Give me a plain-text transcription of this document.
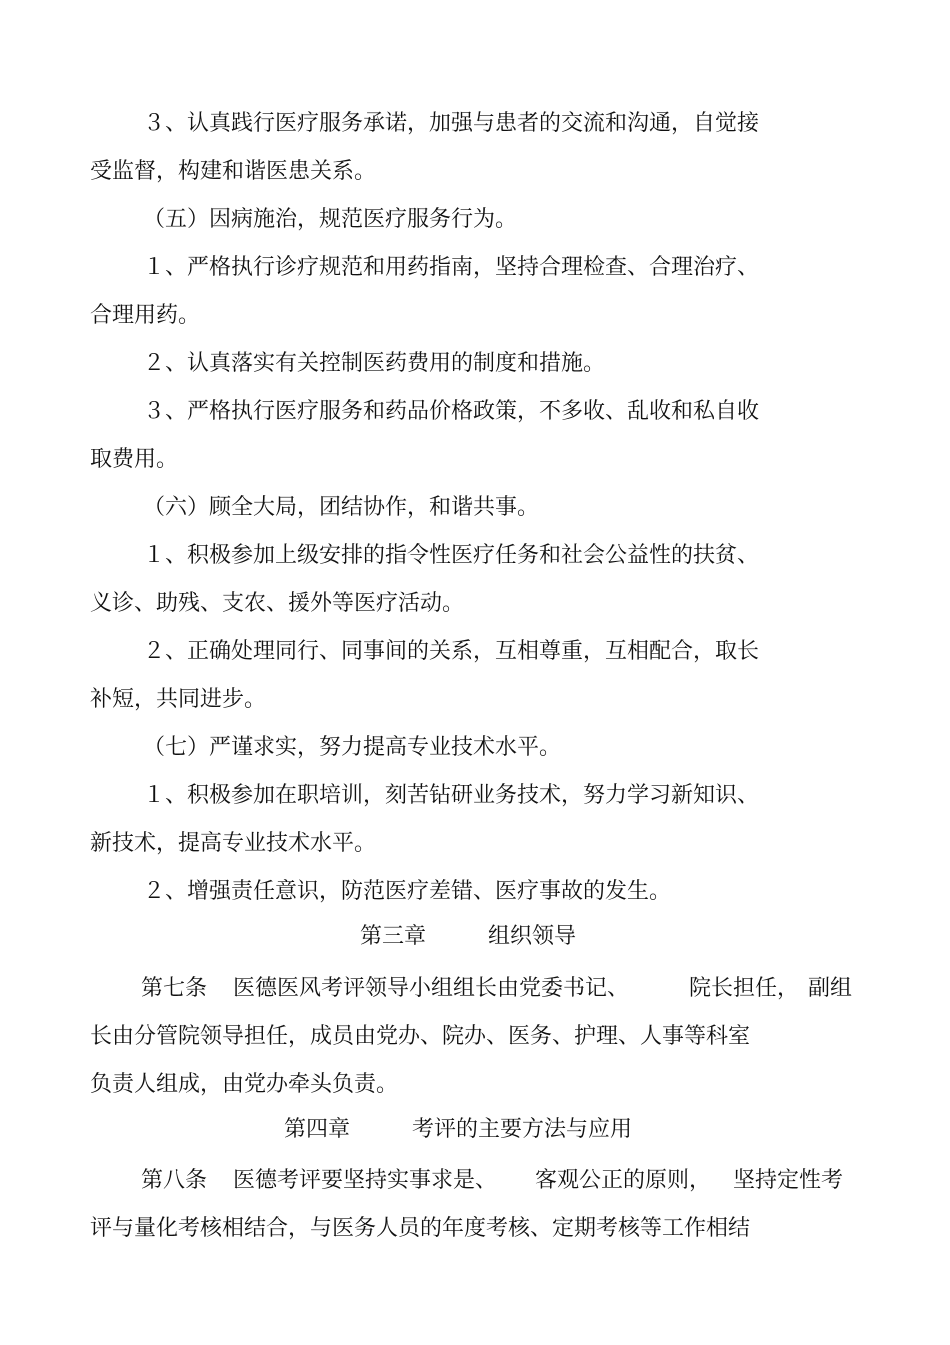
３、认真践行医疗服务承诺，加强与患者的交流和沟通，自觉接
受监督，构建和谐医患关系。
（五）因病施治，规范医疗服务行为。
１、严格执行诊疗规范和用药指南，坚持合理检查、合理治疗、
合理用药。
２、认真落实有关控制医药费用的制度和措施。
３、严格执行医疗服务和药品价格政策，不多收、乱收和私自收
取费用。
（六）顾全大局，团结协作，和谐共事。
１、积极参加上级安排的指令性医疗任务和社会公益性的扶贫、
义诊、助残、支农、援外等医疗活动。
２、正确处理同行、同事间的关系，互相尊重，互相配合，取长
补短，共同进步。
（七）严谨求实，努力提高专业技术水平。
１、积极参加在职培训，刻苦钻研业务技术，努力学习新知识、
新技术，提高专业技术水平。
２、增强责任意识，防范医疗差错、医疗事故的发生。
第三章	组织领导
第七条 医德医风考评领导小组组长由党委书记、	院长担任， 副组
长由分管院领导担任，成员由党办、院办、医务、护理、人事等科室
负责人组成，由党办牵头负责。
第四章	考评的主要方法与应用
第八条 医德考评要坚持实事求是、 客观公正的原则， 坚持定性考
评与量化考核相结合，与医务人员的年度考核、定期考核等工作相结
